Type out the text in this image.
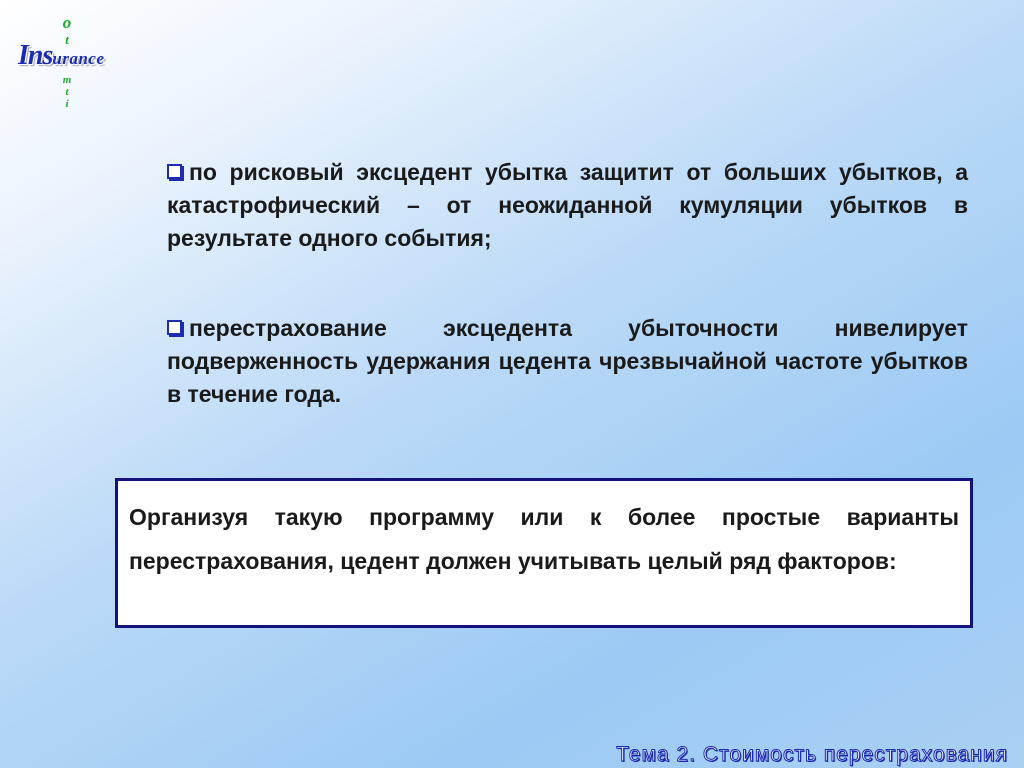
o
t
m
t
i
Insurance
по рисковый эксцедент убытка защитит от больших убытков, а катастрофический – от неожиданной кумуляции убытков в результате одного события;
перестрахование эксцедента убыточности нивелирует подверженность удержания цедента чрезвычайной частоте убытков в течение года.
Организуя такую программу или к более простые варианты перестрахования, цедент должен учитывать целый ряд факторов:
Тема 2. Стоимость перестрахования
